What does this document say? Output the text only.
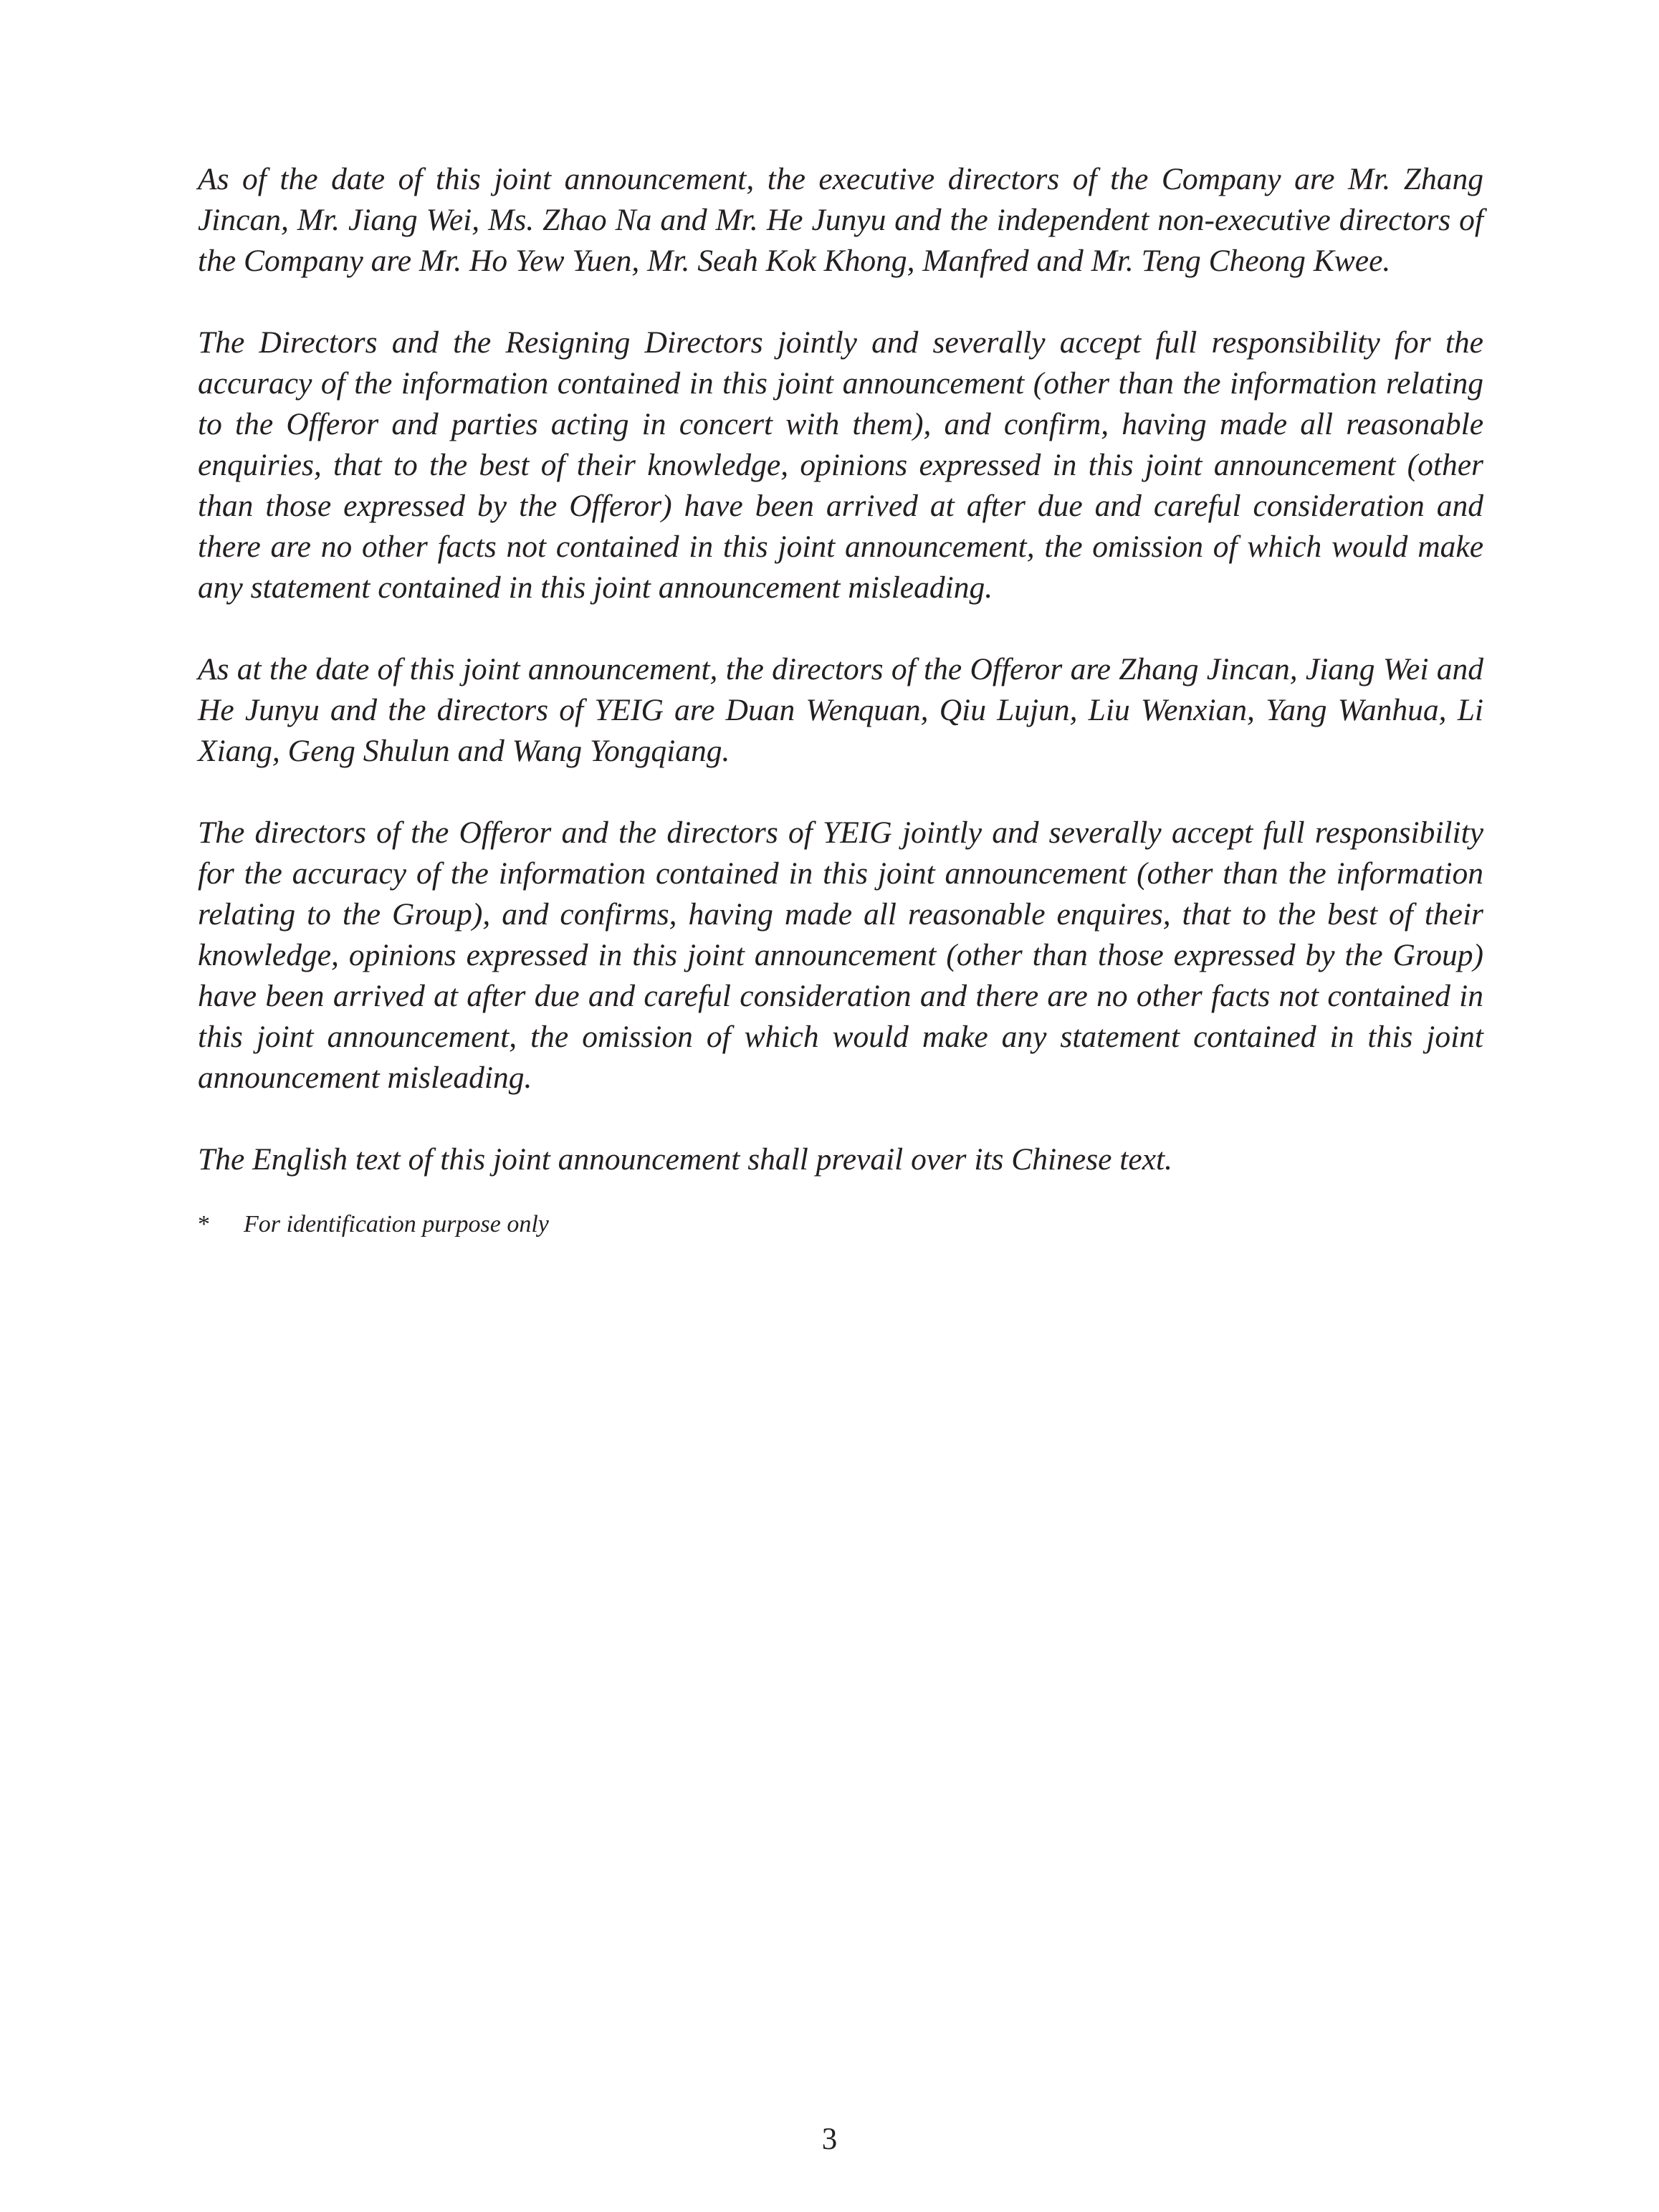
As of the date of this joint announcement, the executive directors of the Company are Mr. Zhang Jincan, Mr. Jiang Wei, Ms. Zhao Na and Mr. He Junyu and the independent non-executive directors of the Company are Mr. Ho Yew Yuen, Mr. Seah Kok Khong, Manfred and Mr. Teng Cheong Kwee.

The Directors and the Resigning Directors jointly and severally accept full responsibility for the accuracy of the information contained in this joint announcement (other than the information relating to the Offeror and parties acting in concert with them), and confirm, having made all reasonable enquiries, that to the best of their knowledge, opinions expressed in this joint announcement (other than those expressed by the Offeror) have been arrived at after due and careful consideration and there are no other facts not contained in this joint announcement, the omission of which would make any statement contained in this joint announcement misleading.

As at the date of this joint announcement, the directors of the Offeror are Zhang Jincan, Jiang Wei and He Junyu and the directors of YEIG are Duan Wenquan, Qiu Lujun, Liu Wenxian, Yang Wanhua, Li Xiang, Geng Shulun and Wang Yongqiang.

The directors of the Offeror and the directors of YEIG jointly and severally accept full responsibility for the accuracy of the information contained in this joint announcement (other than the information relating to the Group), and confirms, having made all reasonable enquires, that to the best of their knowledge, opinions expressed in this joint announcement (other than those expressed by the Group) have been arrived at after due and careful consideration and there are no other facts not contained in this joint announcement, the omission of which would make any statement contained in this joint announcement misleading.

The English text of this joint announcement shall prevail over its Chinese text.

*	For identification purpose only
3
